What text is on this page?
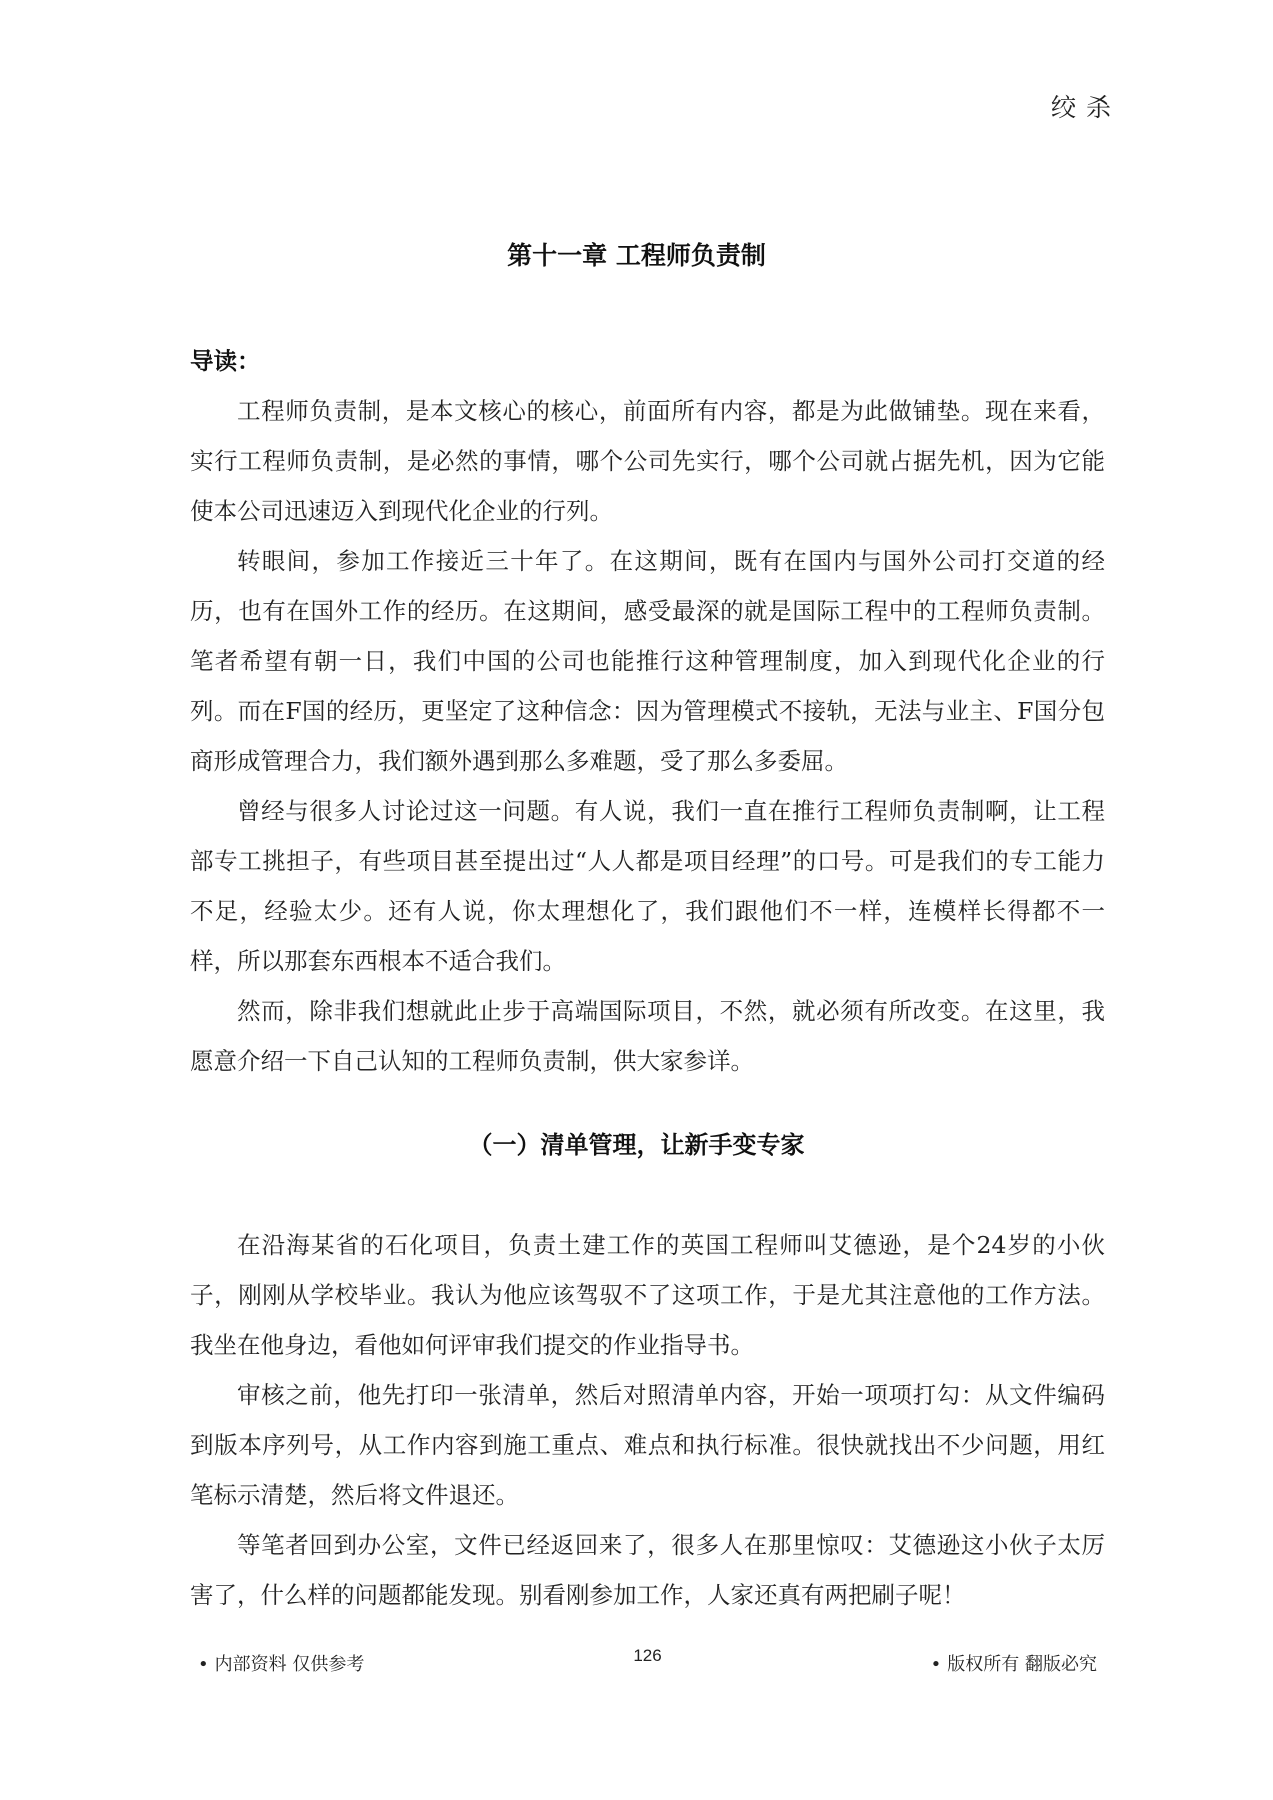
绞杀
第十一章 工程师负责制
导读：

工程师负责制，是本文核心的核心，前面所有内容，都是为此做铺垫。现在来看，实行工程师负责制，是必然的事情，哪个公司先实行，哪个公司就占据先机，因为它能使本公司迅速迈入到现代化企业的行列。

转眼间，参加工作接近三十年了。在这期间，既有在国内与国外公司打交道的经历，也有在国外工作的经历。在这期间，感受最深的就是国际工程中的工程师负责制。笔者希望有朝一日，我们中国的公司也能推行这种管理制度，加入到现代化企业的行列。而在F国的经历，更坚定了这种信念：因为管理模式不接轨，无法与业主、F国分包商形成管理合力，我们额外遇到那么多难题，受了那么多委屈。

曾经与很多人讨论过这一问题。有人说，我们一直在推行工程师负责制啊，让工程部专工挑担子，有些项目甚至提出过“人人都是项目经理”的口号。可是我们的专工能力不足，经验太少。还有人说，你太理想化了，我们跟他们不一样，连模样长得都不一样，所以那套东西根本不适合我们。

然而，除非我们想就此止步于高端国际项目，不然，就必须有所改变。在这里，我愿意介绍一下自己认知的工程师负责制，供大家参详。

（一）清单管理，让新手变专家

在沿海某省的石化项目，负责土建工作的英国工程师叫艾德逊，是个24岁的小伙子，刚刚从学校毕业。我认为他应该驾驭不了这项工作，于是尤其注意他的工作方法。我坐在他身边，看他如何评审我们提交的作业指导书。

审核之前，他先打印一张清单，然后对照清单内容，开始一项项打勾：从文件编码到版本序列号，从工作内容到施工重点、难点和执行标准。很快就找出不少问题，用红笔标示清楚，然后将文件退还。

等笔者回到办公室，文件已经返回来了，很多人在那里惊叹：艾德逊这小伙子太厉害了，什么样的问题都能发现。别看刚参加工作，人家还真有两把刷子呢！

• 内部资料 仅供参考	126	• 版权所有 翻版必究
